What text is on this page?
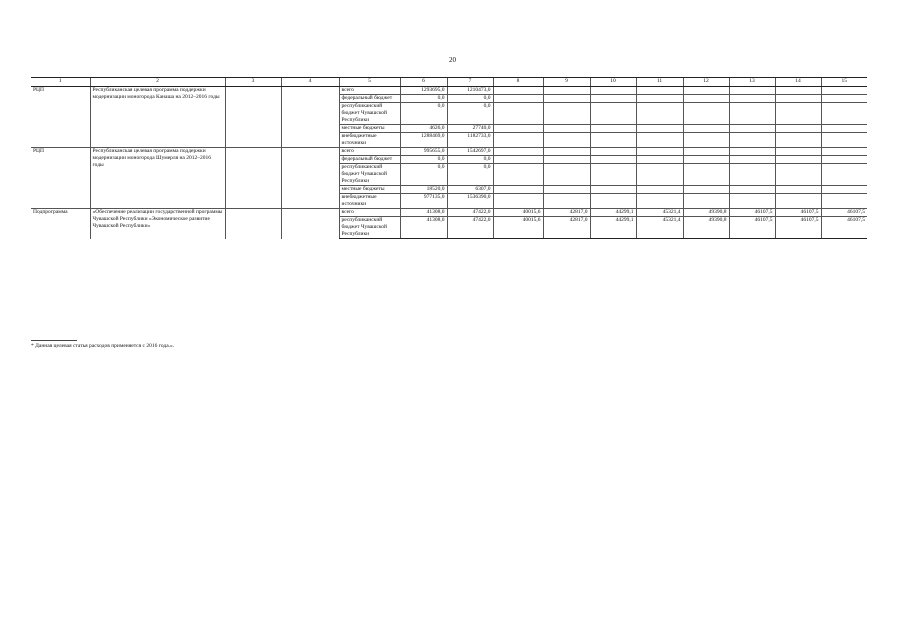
20
1	2	3	4	5	6	7	8	9	10	11	12	13	14	15
РЦП	Республиканская целевая программа поддержки модернизации моногорода Канаша на 2012–2016 годы			всего	1293695,0	1210473,0								
				федеральный бюджет	0,0	0,0								
				республиканский бюджет Чувашской Республики	0,0	0,0								
				местные бюджеты	4626,0	27740,0								
				внебюджетные источники	1288469,0	1182733,0								
РЦП	Республиканская целевая программа поддержки модернизации моногорода Шумерля на 2012–2016 годы			всего	995655,0	1542697,0								
				федеральный бюджет	0,0	0,0								
				республиканский бюджет Чувашской Республики	0,0	0,0								
				местные бюджеты	18520,0	6307,0								
				внебюджетные источники	977135,0	1536390,0								
Подпрограмма	«Обеспечение реализации государственной программы Чувашской Республики «Экономическое развитие Чувашской Республики»			всего	41308,0	47422,0	40015,6	42817,0	44299,1	45321,4	49390,8	46107,5	46107,5	46107,5
				республиканский бюджет Чувашской Республики	41308,0	47422,0	40015,6	42817,0	44299,1	45321,4	49390,8	46107,5	46107,5	46107,5
* Данная целевая статья расходов применяется с 2016 года.».
